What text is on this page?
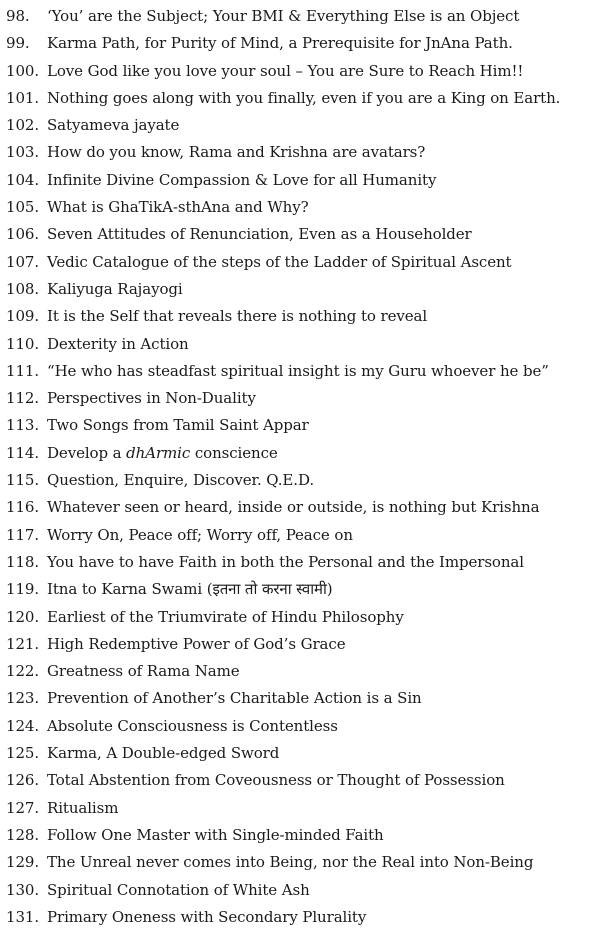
98. ‘You’ are the Subject; Your BMI & Everything Else is an Object
99. Karma Path, for Purity of Mind, a Prerequisite for JnAna Path.
100. Love God like you love your soul – You are Sure to Reach Him!!
101. Nothing goes along with you finally, even if you are a King on Earth.
102. Satyameva jayate
103. How do you know, Rama and Krishna are avatars?
104. Infinite Divine Compassion & Love for all Humanity
105. What is GhaTikA-sthAna and Why?
106. Seven Attitudes of Renunciation, Even as a Householder
107. Vedic Catalogue of the steps of the Ladder of Spiritual Ascent
108. Kaliyuga Rajayogi
109. It is the Self that reveals there is nothing to reveal
110. Dexterity in Action
111. “He who has steadfast spiritual insight is my Guru whoever he be”
112. Perspectives in Non-Duality
113. Two Songs from Tamil Saint Appar
114. Develop a dhArmic conscience
115. Question, Enquire, Discover. Q.E.D.
116. Whatever seen or heard, inside or outside, is nothing but Krishna
117. Worry On, Peace off; Worry off, Peace on
118. You have to have Faith in both the Personal and the Impersonal
119. Itna to Karna Swami (इतना तो करना स्वामी)
120. Earliest of the Triumvirate of Hindu Philosophy
121. High Redemptive Power of God’s Grace
122. Greatness of Rama Name
123. Prevention of Another’s Charitable Action is a Sin
124. Absolute Consciousness is Contentless
125. Karma, A Double-edged Sword
126. Total Abstention from Coveousness or Thought of Possession
127. Ritualism
128. Follow One Master with Single-minded Faith
129. The Unreal never comes into Being, nor the Real into Non-Being
130. Spiritual Connotation of White Ash
131. Primary Oneness with Secondary Plurality
